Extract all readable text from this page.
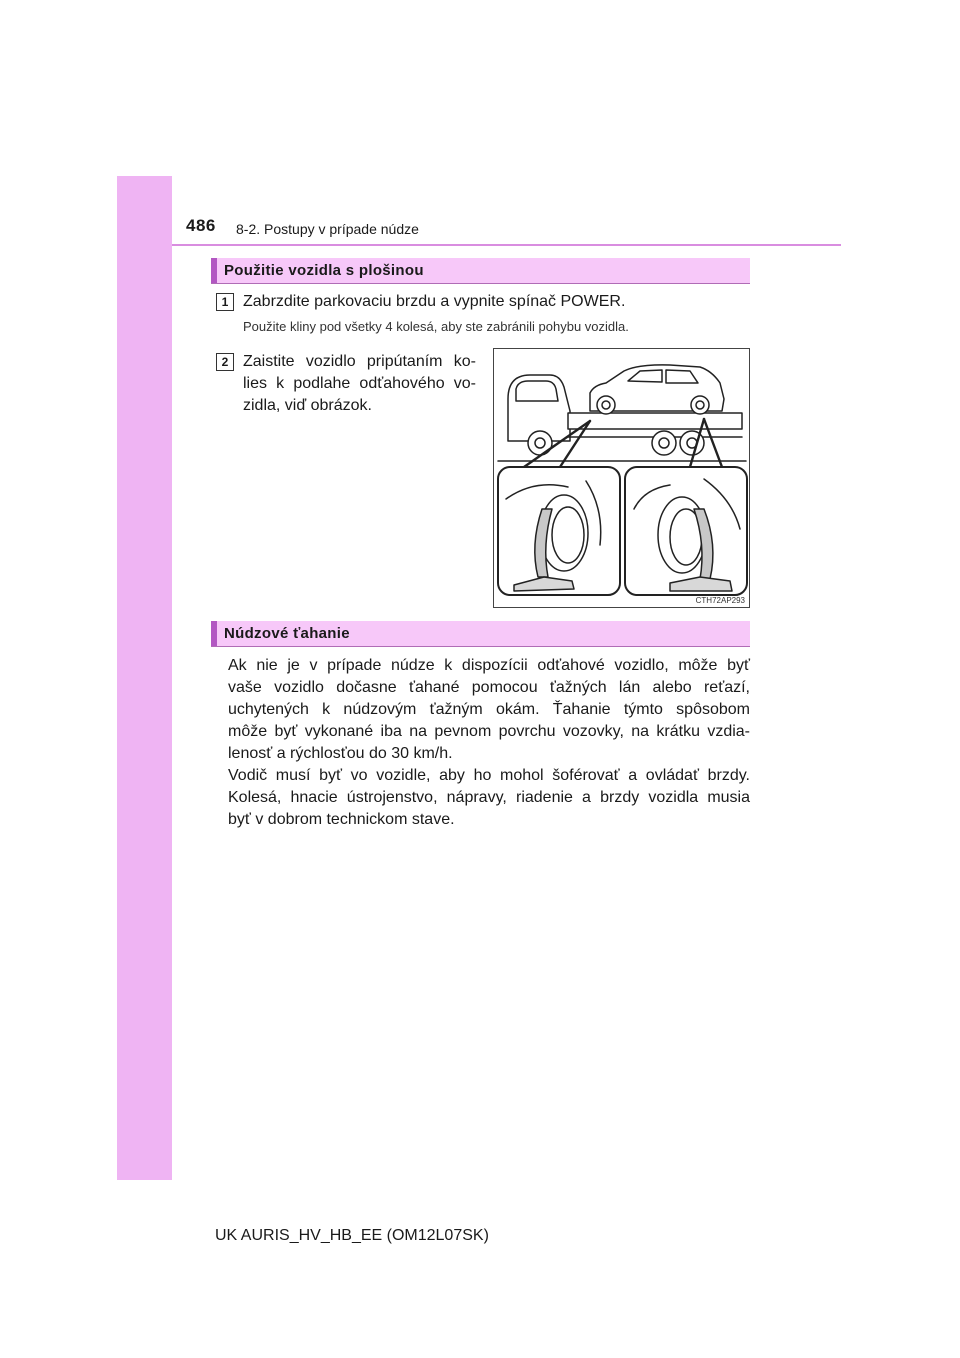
486 8-2. Postupy v prípade núdze
Použitie vozidla s plošinou
1 Zabrzdite parkovaciu brzdu a vypnite spínač POWER.
Použite kliny pod všetky 4 kolesá, aby ste zabránili pohybu vozidla.
2 Zaistite vozidlo pripútaním ko-
lies k podlahe odťahového vo-
zidla, viď obrázok.
CTH72AP293
Núdzové ťahanie
Ak nie je v prípade núdze k dispozícii odťahové vozidlo, môže byť
vaše vozidlo dočasne ťahané pomocou ťažných lán alebo reťazí,
uchytených k núdzovým ťažným okám. Ťahanie týmto spôsobom
môže byť vykonané iba na pevnom povrchu vozovky, na krátku vzdia-
lenosť a rýchlosťou do 30 km/h.
Vodič musí byť vo vozidle, aby ho mohol šoférovať a ovládať brzdy.
Kolesá, hnacie ústrojenstvo, nápravy, riadenie a brzdy vozidla musia
byť v dobrom technickom stave.
UK AURIS_HV_HB_EE (OM12L07SK)
